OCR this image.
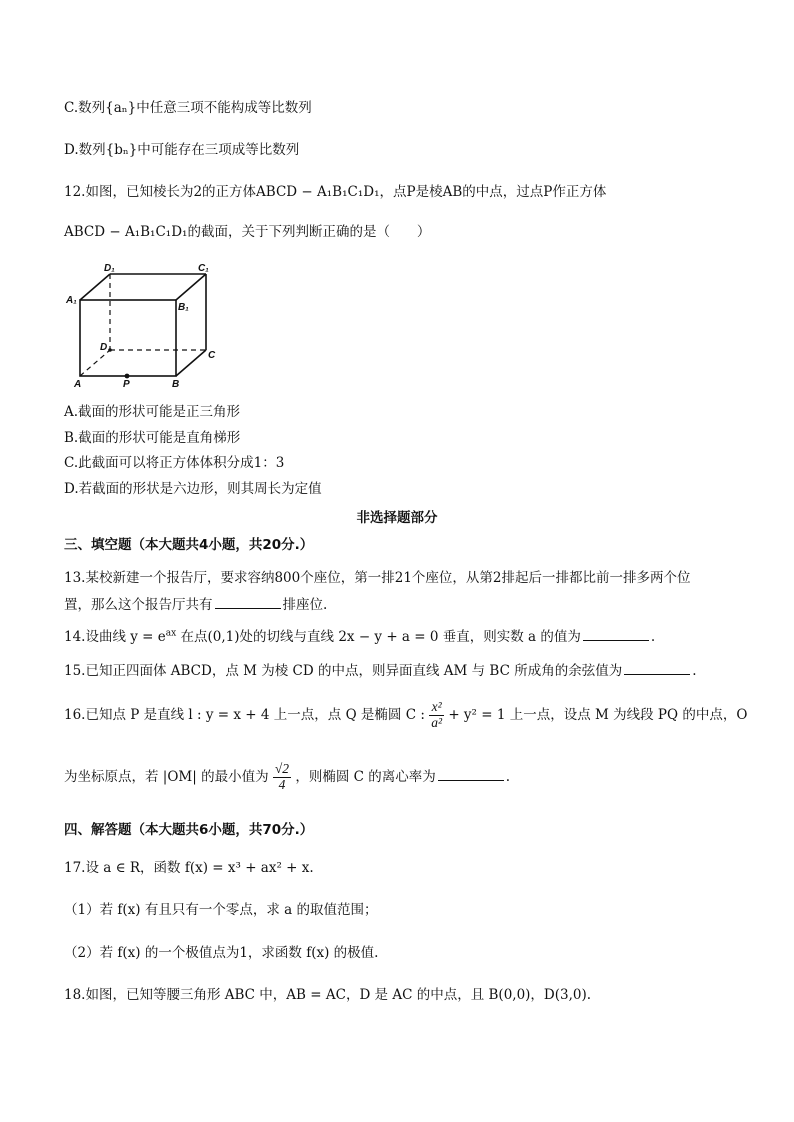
C.数列{aₙ}中任意三项不能构成等比数列
D.数列{bₙ}中可能存在三项成等比数列
12.如图，已知棱长为2的正方体ABCD − A₁B₁C₁D₁，点P是棱AB的中点，过点P作正方体
ABCD − A₁B₁C₁D₁的截面，关于下列判断正确的是（　　）
D₁	C₁
A₁
B₁
D
C
A	P	B
A.截面的形状可能是正三角形
B.截面的形状可能是直角梯形
C.此截面可以将正方体体积分成1：3
D.若截面的形状是六边形，则其周长为定值
非选择题部分
三、填空题（本大题共4小题，共20分.）
13.某校新建一个报告厅，要求容纳800个座位，第一排21个座位，从第2排起后一排都比前一排多两个位
置，那么这个报告厅共有	排座位.
14.设曲线 $y = e^{ax}$ 在点(0,1)处的切线与直线 2x − y + a = 0 垂直，则实数 a 的值为	.
15.已知正四面体 ABCD，点 M 为棱 CD 的中点，则异面直线 AM 与 BC 所成角的余弦值为	.
16.已知点 P 是直线 l : y = x + 4 上一点，点 Q 是椭圆 C : $\frac{\text{x²}}{\text{a²}} + y^2 = 1$ 上一点，设点 M 为线段 PQ 的中点，O
为坐标原点，若 |OM| 的最小值为 $\frac{√2}{4}$ ，则椭圆 C 的离心率为	.
四、解答题（本大题共6小题，共70分.）
17.设 a ∈ R，函数 f(x) = x³ + ax² + x.
（1）若 f(x) 有且只有一个零点，求 a 的取值范围；
（2）若 f(x) 的一个极值点为1，求函数 f(x) 的极值.
18.如图，已知等腰三角形 ABC 中，AB = AC，D 是 AC 的中点，且 B(0,0)，D(3,0).
